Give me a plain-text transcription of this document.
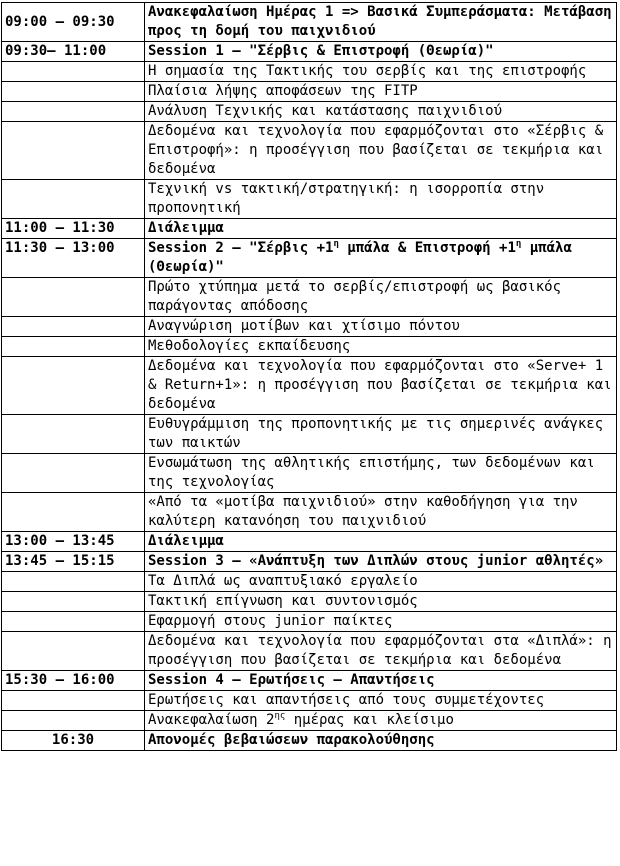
09:00 – 09:30	Ανακεφαλαίωση Ημέρας 1 => Βασικά Συμπεράσματα: Μετάβαση προς τη δομή του παιχνιδιού
09:30– 11:00	Session 1 – "Σέρβις & Επιστροφή (Θεωρία)"
	Η σημασία της Τακτικής του σερβίς και της επιστροφής
	Πλαίσια λήψης αποφάσεων της FITP
	Ανάλυση Τεχνικής και κατάστασης παιχνιδιού
	Δεδομένα και τεχνολογία που εφαρμόζονται στο «Σέρβις & Επιστροφή»: η προσέγγιση που βασίζεται σε τεκμήρια και δεδομένα
	Τεχνική vs τακτική/στρατηγική: η ισορροπία στην προπονητική
11:00 – 11:30	Διάλειμμα
11:30 – 13:00	Session 2 – "$\Sigma έ\rho\beta\iota\varsigma +1^\eta$ μπάλα & $E\pi\iota\sigma\tau\rho o\varphi ή +1^\eta$ μπάλα (Θεωρία)"
	Πρώτο χτύπημα μετά το σερβίς/επιστροφή ως βασικός παράγοντας απόδοσης
	Αναγνώριση μοτίβων και χτίσιμο πόντου
	Μεθοδολογίες εκπαίδευσης
	Δεδομένα και τεχνολογία που εφαρμόζονται στο «Serve+ 1 & Return+1»: η προσέγγιση που βασίζεται σε τεκμήρια και δεδομένα
	Ευθυγράμμιση της προπονητικής με τις σημερινές ανάγκες των παικτών
	Ενσωμάτωση της αθλητικής επιστήμης, των δεδομένων και της τεχνολογίας
	«Από τα «μοτίβα παιχνιδιού» στην καθοδήγηση για την καλύτερη κατανόηση του παιχνιδιού
13:00 – 13:45	Διάλειμμα
13:45 – 15:15	Session 3 – «Ανάπτυξη των Διπλών στους junior αθλητές»
	Τα Διπλά ως αναπτυξιακό εργαλείο
	Τακτική επίγνωση και συντονισμός
	Εφαρμογή στους junior παίκτες
	Δεδομένα και τεχνολογία που εφαρμόζονται στα «Διπλά»: η προσέγγιση που βασίζεται σε τεκμήρια και δεδομένα
15:30 – 16:00	Session 4 – Ερωτήσεις – Απαντήσεις
	Ερωτήσεις και απαντήσεις από τους συμμετέχοντες
	Ανακεφαλαίωση $2^{\eta\varsigma}$ ημέρας και κλείσιμο
16:30	Απονομές βεβαιώσεων παρακολούθησης
